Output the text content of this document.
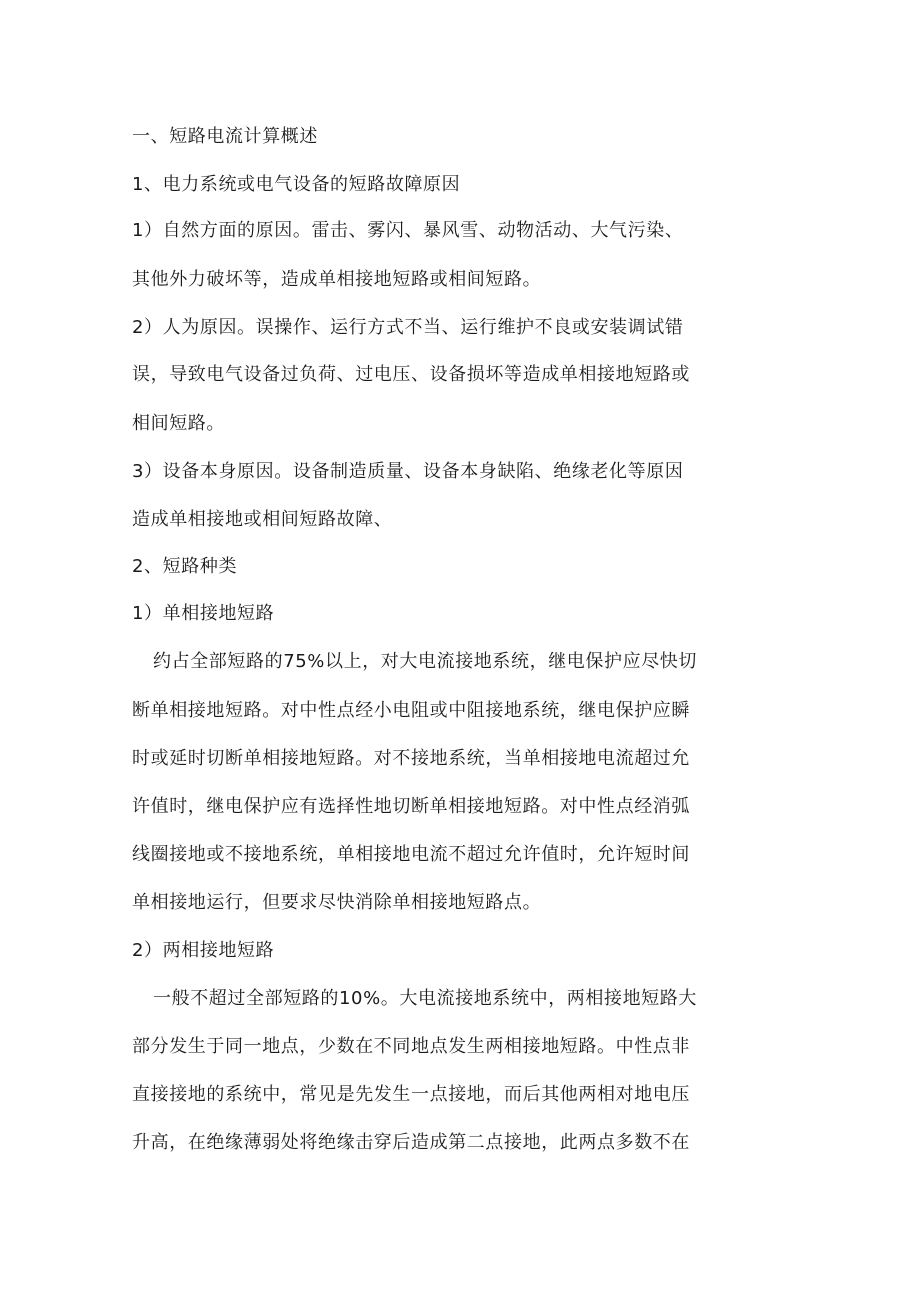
一、短路电流计算概述

1、电力系统或电气设备的短路故障原因

1）自然方面的原因。雷击、雾闪、暴风雪、动物活动、大气污染、

其他外力破坏等，造成单相接地短路或相间短路。

2）人为原因。误操作、运行方式不当、运行维护不良或安装调试错

误，导致电气设备过负荷、过电压、设备损坏等造成单相接地短路或

相间短路。

3）设备本身原因。设备制造质量、设备本身缺陷、绝缘老化等原因

造成单相接地或相间短路故障、

2、短路种类

1）单相接地短路

约占全部短路的75%以上，对大电流接地系统，继电保护应尽快切

断单相接地短路。对中性点经小电阻或中阻接地系统，继电保护应瞬

时或延时切断单相接地短路。对不接地系统，当单相接地电流超过允

许值时，继电保护应有选择性地切断单相接地短路。对中性点经消弧

线圈接地或不接地系统，单相接地电流不超过允许值时，允许短时间

单相接地运行，但要求尽快消除单相接地短路点。

2）两相接地短路

一般不超过全部短路的10%。大电流接地系统中，两相接地短路大

部分发生于同一地点，少数在不同地点发生两相接地短路。中性点非

直接接地的系统中，常见是先发生一点接地，而后其他两相对地电压

升高，在绝缘薄弱处将绝缘击穿后造成第二点接地，此两点多数不在
